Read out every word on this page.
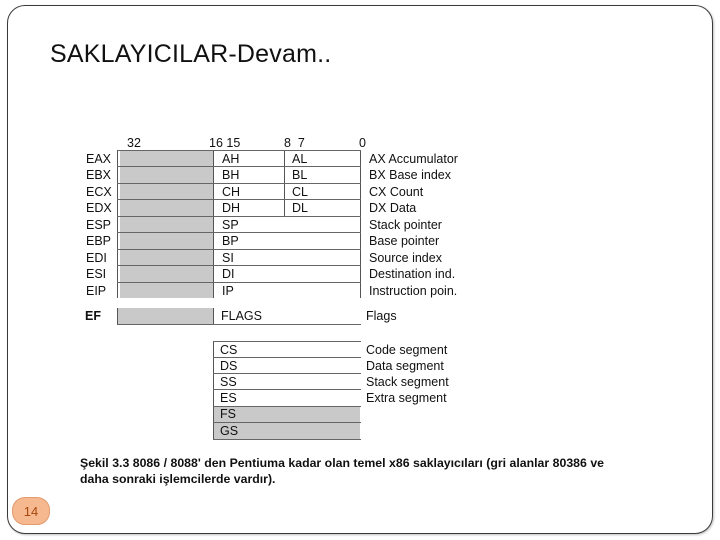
SAKLAYICILAR-Devam..
32	16 15	8  7	0
EAX	AH	AL	AX Accumulator
EBX	BH	BL	BX Base index
ECX	CH	CL	CX Count
EDX	DH	DL	DX Data
ESP	SP	Stack pointer
EBP	BP	Base pointer
EDI	SI	Source index
ESI	DI	Destination ind.
EIP	IP	Instruction poin.
EF	FLAGS	Flags
CS	Code segment
DS	Data segment
SS	Stack segment
ES	Extra segment
FS
GS
Şekil 3.3 8086 / 8088' den Pentiuma kadar olan temel x86 saklayıcıları (gri alanlar 80386 ve daha sonraki işlemcilerde vardır).
14
